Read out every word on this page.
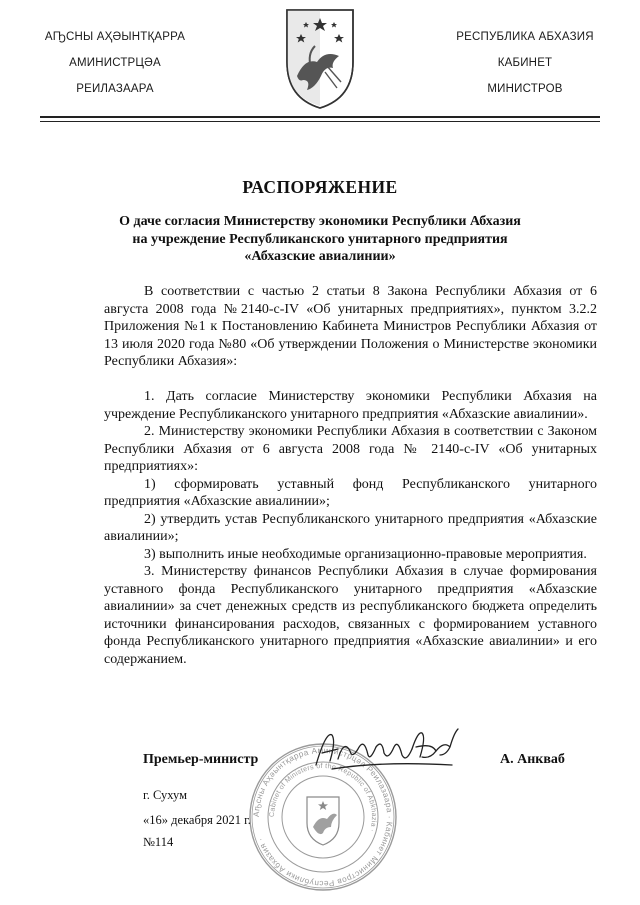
АҦСНЫ АҲӘЫНТҚАРРА
АМИНИСТРЦӘА
РЕИЛАЗААРА
РЕСПУБЛИКА АБХАЗИЯ
КАБИНЕТ
МИНИСТРОВ
РАСПОРЯЖЕНИЕ
О даче согласия Министерству экономики Республики Абхазия
на учреждение Республиканского унитарного предприятия
«Абхазские авиалинии»

В соответствии с частью 2 статьи 8 Закона Республики Абхазия от 6 августа 2008 года №2140-с-IV «Об унитарных предприятиях», пунктом 3.2.2 Приложения №1 к Постановлению Кабинета Министров Республики Абхазия от 13 июля 2020 года №80 «Об утверждении Положения о Министерстве экономики Республики Абхазия»:

1. Дать согласие Министерству экономики Республики Абхазия на учреждение Республиканского унитарного предприятия «Абхазские авиалинии».

2. Министерству экономики Республики Абхазия в соответствии с Законом Республики Абхазия от 6 августа 2008 года № 2140-с-IV «Об унитарных предприятиях»:

1) сформировать уставный фонд Республиканского унитарного предприятия «Абхазские авиалинии»;

2) утвердить устав Республиканского унитарного предприятия «Абхазские авиалинии»;

3) выполнить иные необходимые организационно-правовые мероприятия.

3. Министерству финансов Республики Абхазия в случае формирования уставного фонда Республиканского унитарного предприятия «Абхазские авиалинии» за счет денежных средств из республиканского бюджета определить источники финансирования расходов, связанных с формированием уставного фонда Республиканского унитарного предприятия «Абхазские авиалинии» и его содержанием.

Аҧсны Аҳәынтқарра Аминистрцәа Реилазаара · Кабинет Министров Республики Абхазия ·
Cabinet of Ministers of the Republic of Abkhazia ·
Премьер-министр	А. Анкваб
г. Сухум
«16» декабря 2021 г.
№114
